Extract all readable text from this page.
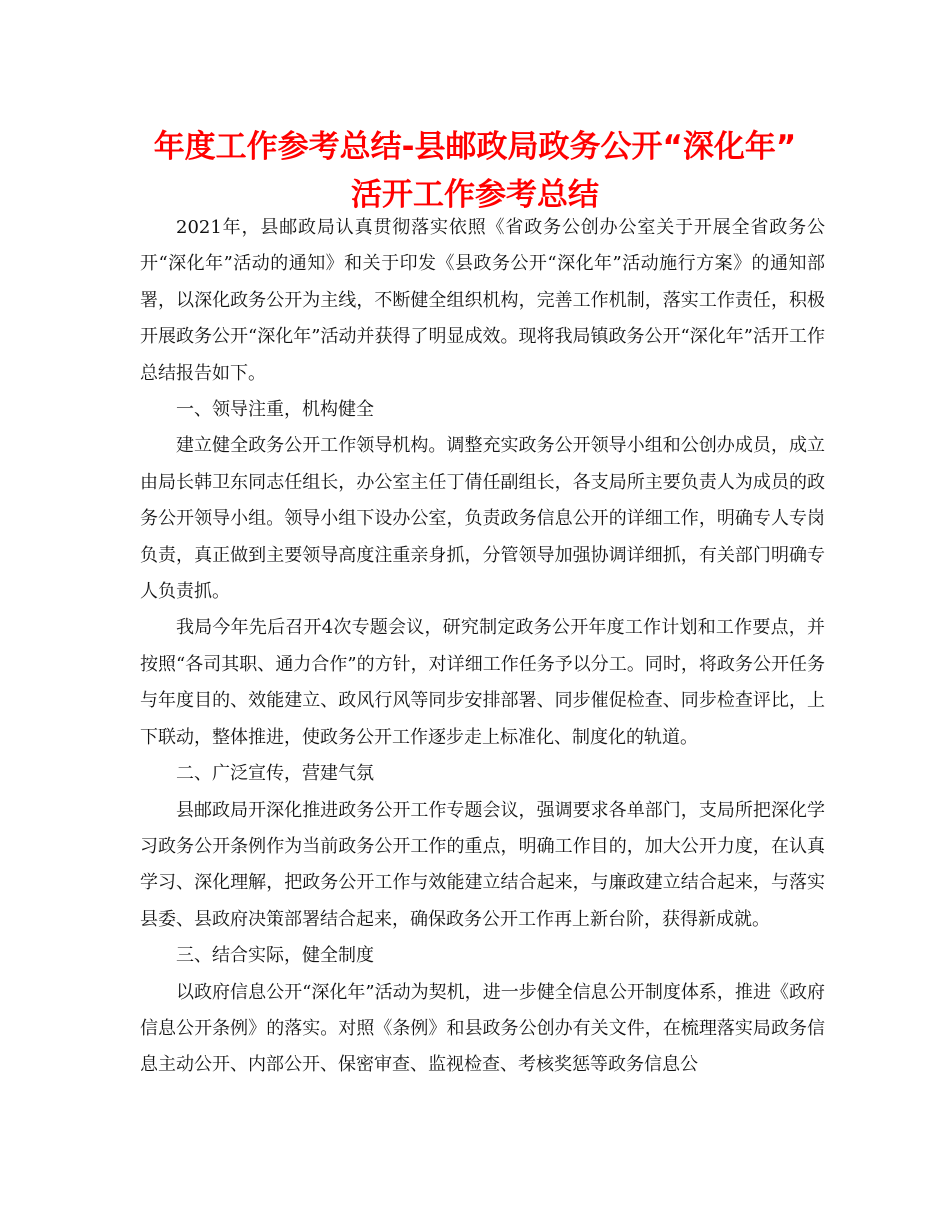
年度工作参考总结-县邮政局政务公开“深化年”
活开工作参考总结

2021年，县邮政局认真贯彻落实依照《省政务公创办公室关于开展全省政务公开“深化年”活动的通知》和关于印发《县政务公开“深化年”活动施行方案》的通知部署，以深化政务公开为主线，不断健全组织机构，完善工作机制，落实工作责任，积极开展政务公开“深化年”活动并获得了明显成效。现将我局镇政务公开“深化年”活开工作总结报告如下。

一、领导注重，机构健全

建立健全政务公开工作领导机构。调整充实政务公开领导小组和公创办成员，成立由局长韩卫东同志任组长，办公室主任丁倩任副组长，各支局所主要负责人为成员的政务公开领导小组。领导小组下设办公室，负责政务信息公开的详细工作，明确专人专岗负责，真正做到主要领导高度注重亲身抓，分管领导加强协调详细抓，有关部门明确专人负责抓。

我局今年先后召开4次专题会议，研究制定政务公开年度工作计划和工作要点，并按照“各司其职、通力合作”的方针，对详细工作任务予以分工。同时，将政务公开任务与年度目的、效能建立、政风行风等同步安排部署、同步催促检查、同步检查评比，上下联动，整体推进，使政务公开工作逐步走上标准化、制度化的轨道。

二、广泛宣传，营建气氛

县邮政局开深化推进政务公开工作专题会议，强调要求各单部门，支局所把深化学习政务公开条例作为当前政务公开工作的重点，明确工作目的，加大公开力度，在认真学习、深化理解，把政务公开工作与效能建立结合起来，与廉政建立结合起来，与落实县委、县政府决策部署结合起来，确保政务公开工作再上新台阶，获得新成就。

三、结合实际，健全制度

以政府信息公开“深化年”活动为契机，进一步健全信息公开制度体系，推进《政府信息公开条例》的落实。对照《条例》和县政务公创办有关文件，在梳理落实局政务信息主动公开、内部公开、保密审查、监视检查、考核奖惩等政务信息公
